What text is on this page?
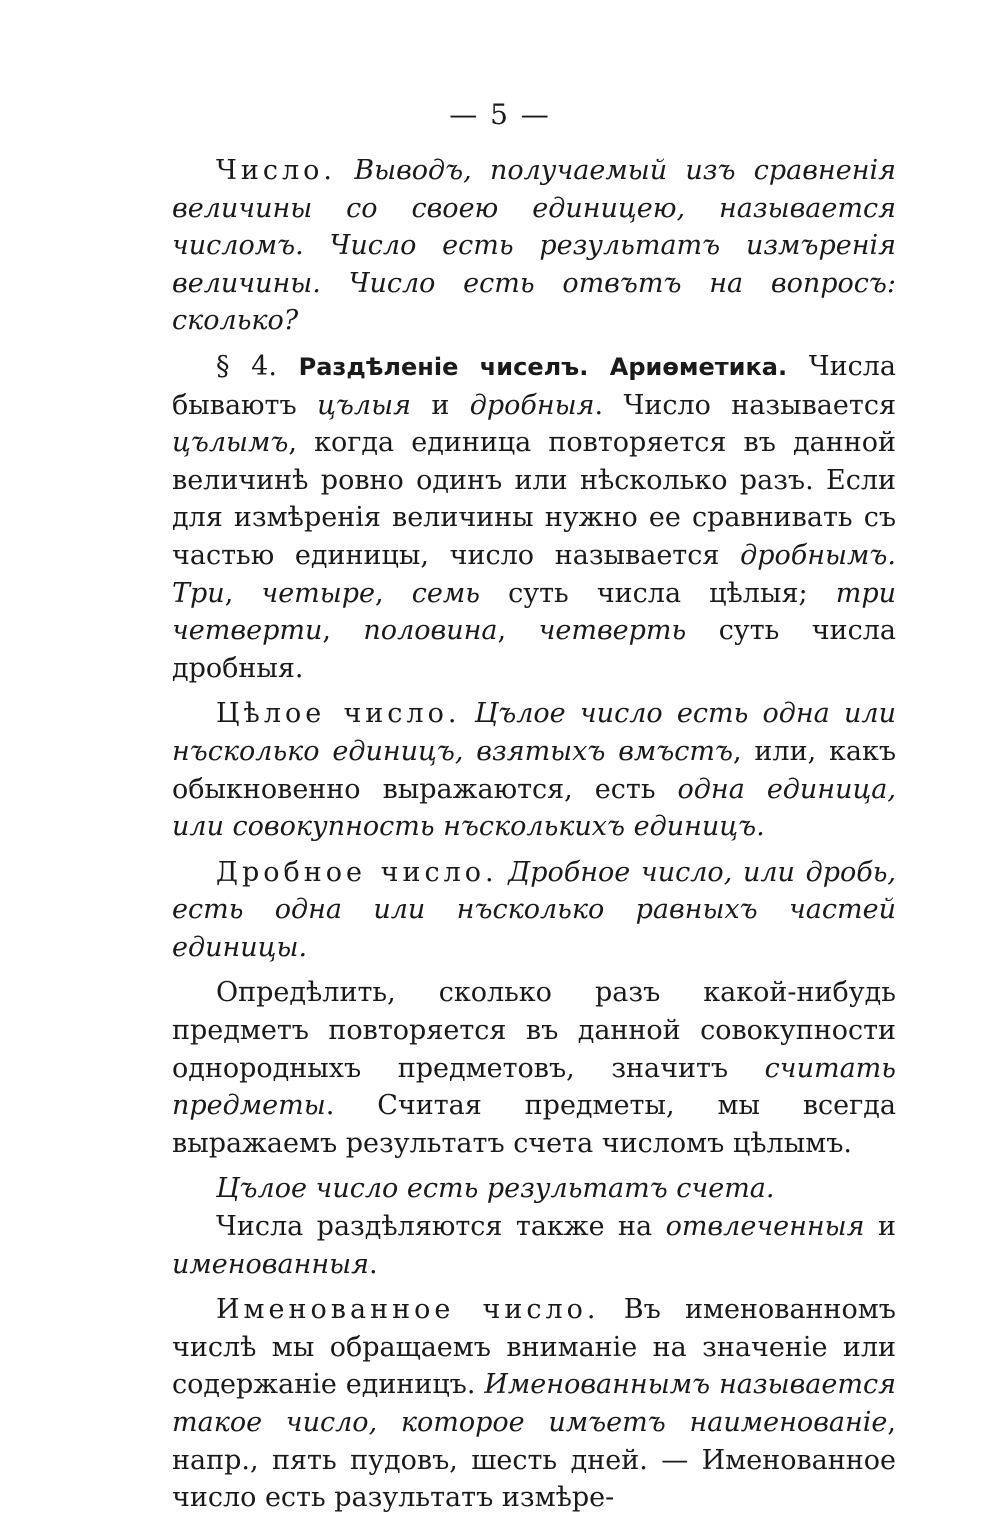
— 5 —

Число. Выводъ, получаемый изъ сравненія величины со своею единицею, называется числомъ. Число есть результатъ измъренія величины. Число есть отвътъ на вопросъ: сколько?

§ 4. Раздѣленіе чиселъ. Ариѳметика. Числа бываютъ цълыя и дробныя. Число называется цълымъ, когда единица повторяется въ данной величинѣ ровно одинъ или нѣсколько разъ. Если для измѣренія величины нужно ее сравнивать съ частью единицы, число называется дробнымъ. Три, четыре, семь суть числа цѣлыя; три четверти, половина, четверть суть числа дробныя.

Цѣлое число. Цълое число есть одна или нъсколько единицъ, взятыхъ вмъстъ, или, какъ обыкновенно выражаются, есть одна единица, или совокупность нъсколькихъ единицъ.

Дробное число. Дробное число, или дробь, есть одна или нъсколько равныхъ частей единицы.

Опредѣлить, сколько разъ какой-нибудь предметъ повторяется въ данной совокупности однородныхъ предметовъ, значитъ считать предметы. Считая предметы, мы всегда выражаемъ результатъ счета числомъ цѣлымъ.

Цълое число есть результатъ счета.

Числа раздѣляются также на отвлеченныя и именованныя.

Именованное число. Въ именованномъ числѣ мы обращаемъ вниманіе на значеніе или содержаніе единицъ. Именованнымъ называется такое число, которое имъетъ наименованіе, напр., пять пудовъ, шесть дней. — Именованное число есть разультатъ измѣре-
